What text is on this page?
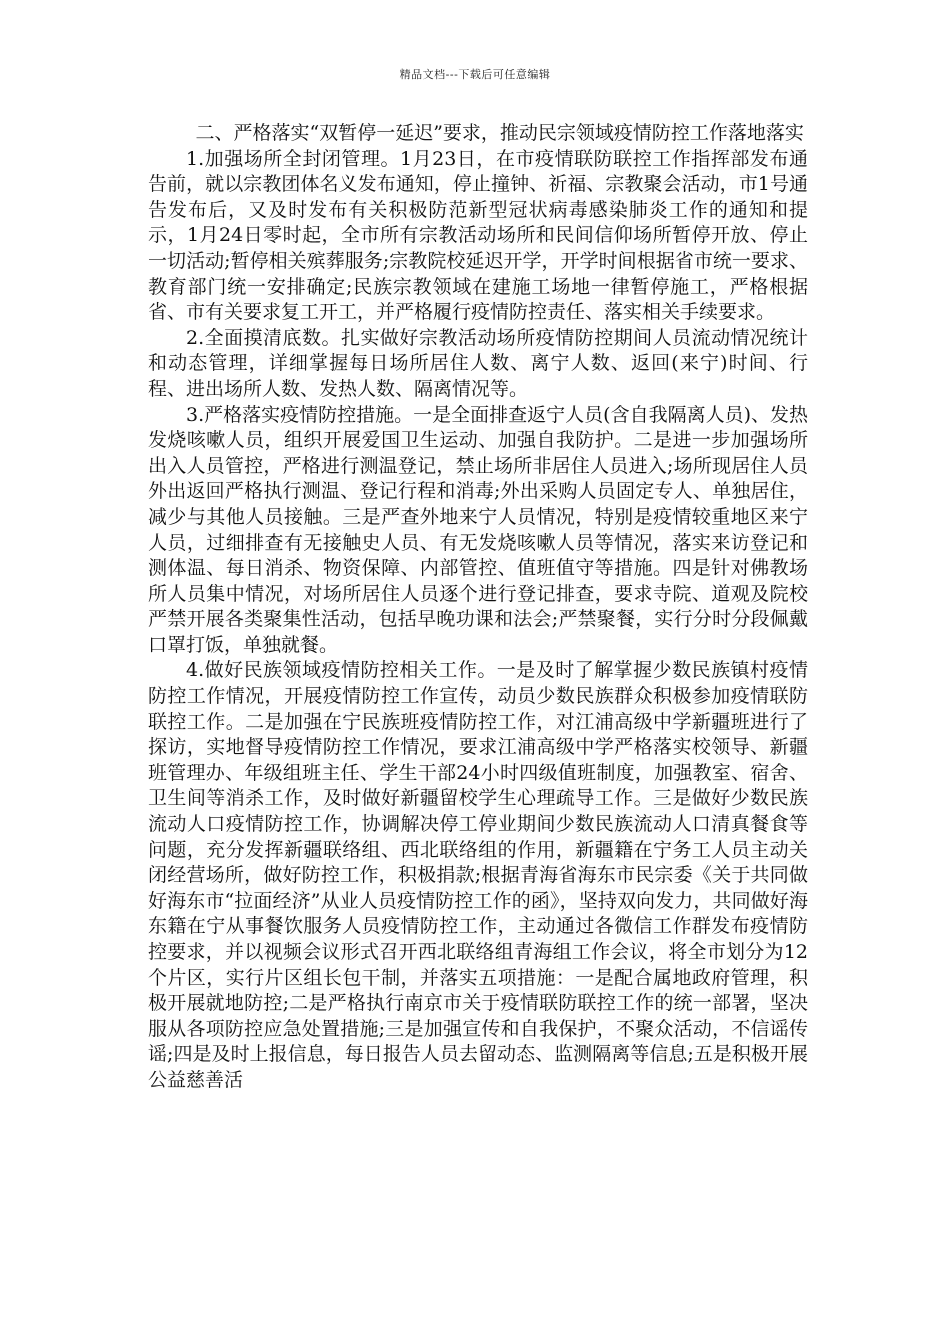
精品文档---下载后可任意编辑

二、严格落实“双暂停一延迟”要求，推动民宗领域疫情防控工作落地落实

1.加强场所全封闭管理。1月23日，在市疫情联防联控工作指挥部发布通告前，就以宗教团体名义发布通知，停止撞钟、祈福、宗教聚会活动，市1号通告发布后，又及时发布有关积极防范新型冠状病毒感染肺炎工作的通知和提示，1月24日零时起，全市所有宗教活动场所和民间信仰场所暂停开放、停止一切活动;暂停相关殡葬服务;宗教院校延迟开学，开学时间根据省市统一要求、教育部门统一安排确定;民族宗教领域在建施工场地一律暂停施工，严格根据省、市有关要求复工开工，并严格履行疫情防控责任、落实相关手续要求。

2.全面摸清底数。扎实做好宗教活动场所疫情防控期间人员流动情况统计和动态管理，详细掌握每日场所居住人数、离宁人数、返回(来宁)时间、行程、进出场所人数、发热人数、隔离情况等。

3.严格落实疫情防控措施。一是全面排查返宁人员(含自我隔离人员)、发热发烧咳嗽人员，组织开展爱国卫生运动、加强自我防护。二是进一步加强场所出入人员管控，严格进行测温登记，禁止场所非居住人员进入;场所现居住人员外出返回严格执行测温、登记行程和消毒;外出采购人员固定专人、单独居住，减少与其他人员接触。三是严查外地来宁人员情况，特别是疫情较重地区来宁人员，过细排查有无接触史人员、有无发烧咳嗽人员等情况，落实来访登记和测体温、每日消杀、物资保障、内部管控、值班值守等措施。四是针对佛教场所人员集中情况，对场所居住人员逐个进行登记排查，要求寺院、道观及院校严禁开展各类聚集性活动，包括早晚功课和法会;严禁聚餐，实行分时分段佩戴口罩打饭，单独就餐。

4.做好民族领域疫情防控相关工作。一是及时了解掌握少数民族镇村疫情防控工作情况，开展疫情防控工作宣传，动员少数民族群众积极参加疫情联防联控工作。二是加强在宁民族班疫情防控工作，对江浦高级中学新疆班进行了探访，实地督导疫情防控工作情况，要求江浦高级中学严格落实校领导、新疆班管理办、年级组班主任、学生干部24小时四级值班制度，加强教室、宿舍、卫生间等消杀工作，及时做好新疆留校学生心理疏导工作。三是做好少数民族流动人口疫情防控工作，协调解决停工停业期间少数民族流动人口清真餐食等问题，充分发挥新疆联络组、西北联络组的作用，新疆籍在宁务工人员主动关闭经营场所，做好防控工作，积极捐款;根据青海省海东市民宗委《关于共同做好海东市“拉面经济”从业人员疫情防控工作的函》，坚持双向发力，共同做好海东籍在宁从事餐饮服务人员疫情防控工作，主动通过各微信工作群发布疫情防控要求，并以视频会议形式召开西北联络组青海组工作会议，将全市划分为12个片区，实行片区组长包干制，并落实五项措施：一是配合属地政府管理，积极开展就地防控;二是严格执行南京市关于疫情联防联控工作的统一部署，坚决服从各项防控应急处置措施;三是加强宣传和自我保护，不聚众活动，不信谣传谣;四是及时上报信息，每日报告人员去留动态、监测隔离等信息;五是积极开展公益慈善活
